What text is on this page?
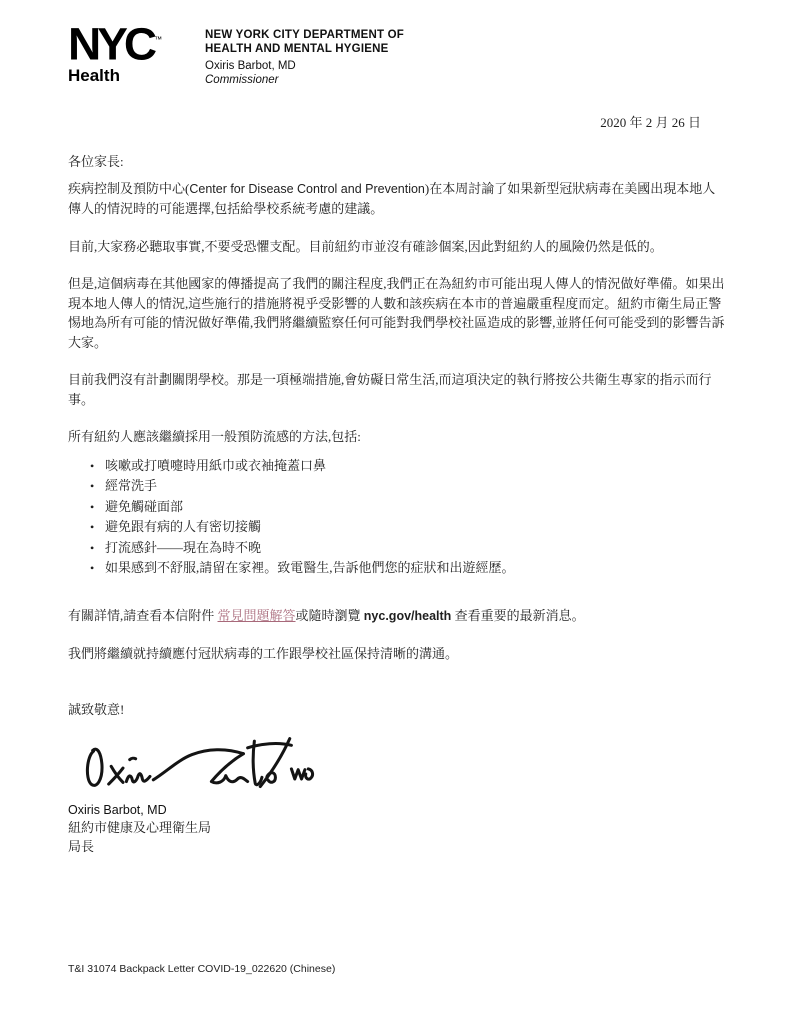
NYC™
Health
NEW YORK CITY DEPARTMENT OF
HEALTH AND MENTAL HYGIENE
Oxiris Barbot, MD
Commissioner
2020 年 2 月 26 日

各位家長:

疾病控制及預防中心(Center for Disease Control and Prevention)在本周討論了如果新型冠狀病毒在美國出現本地人傳人的情況時的可能選擇,包括給學校系統考慮的建議。

目前,大家務必聽取事實,不要受恐懼支配。目前紐約市並沒有確診個案,因此對紐約人的風險仍然是低的。

但是,這個病毒在其他國家的傳播提高了我們的關注程度,我們正在為紐約市可能出現人傳人的情況做好準備。如果出現本地人傳人的情況,這些施行的措施將視乎受影響的人數和該疾病在本市的普遍嚴重程度而定。紐約市衛生局正警惕地為所有可能的情況做好準備,我們將繼續監察任何可能對我們學校社區造成的影響,並將任何可能受到的影響告訴大家。

目前我們沒有計劃關閉學校。那是一項極端措施,會妨礙日常生活,而這項決定的執行將按公共衛生專家的指示而行事。

所有紐約人應該繼續採用一般預防流感的方法,包括:

• 咳嗽或打噴嚏時用紙巾或衣袖掩蓋口鼻
• 經常洗手
• 避免觸碰面部
• 避免跟有病的人有密切接觸
• 打流感針——現在為時不晚
• 如果感到不舒服,請留在家裡。致電醫生,告訴他們您的症狀和出遊經歷。

有關詳情,請查看本信附件 常見問題解答或隨時瀏覽 nyc.gov/health 查看重要的最新消息。

我們將繼續就持續應付冠狀病毒的工作跟學校社區保持清晰的溝通。

誠致敬意!

Oxiris Barbot, MD
紐約市健康及心理衛生局
局長
T&I 31074 Backpack Letter COVID-19_022620 (Chinese)
